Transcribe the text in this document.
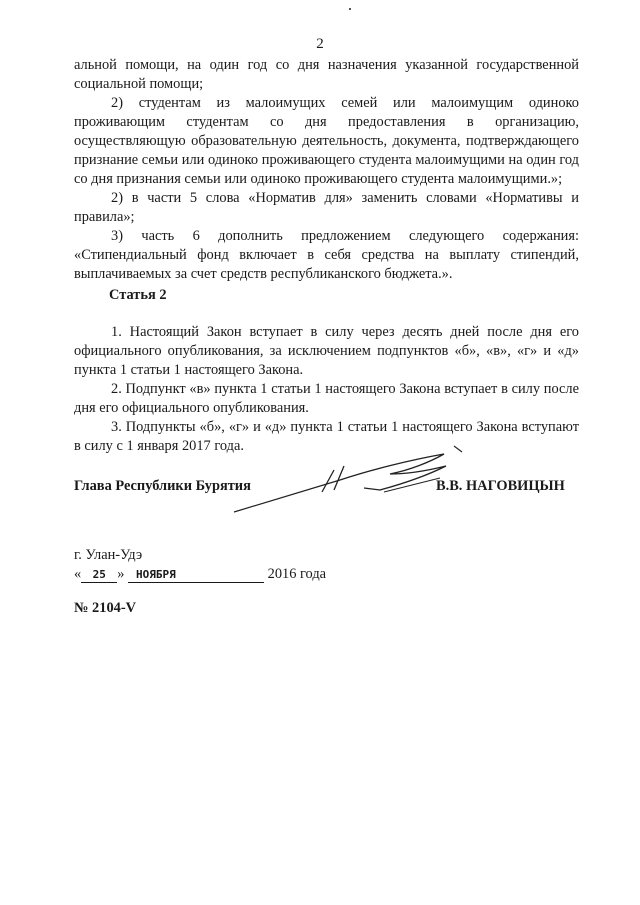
2

альной помощи, на один год со дня назначения указанной государственной социальной помощи;

2) студентам из малоимущих семей или малоимущим одиноко проживающим студентам со дня предоставления в организацию, осуществляющую образовательную деятельность, документа, подтверждающего признание семьи или одиноко проживающего студента малоимущими на один год со дня признания семьи или одиноко проживающего студента малоимущими.»;

2) в части 5 слова «Норматив для» заменить словами «Нормативы и правила»;

3) часть 6 дополнить предложением следующего содержания: «Стипендиальный фонд включает в себя средства на выплату стипендий, выплачиваемых за счет средств республиканского бюджета.».

Статья 2

1. Настоящий Закон вступает в силу через десять дней после дня его официального опубликования, за исключением подпунктов «б», «в», «г» и «д» пункта 1 статьи 1 настоящего Закона.

2. Подпункт «в» пункта 1 статьи 1 настоящего Закона вступает в силу после дня его официального опубликования.

3. Подпункты «б», «г» и «д» пункта 1 статьи 1 настоящего Закона вступают в силу с 1 января 2017 года.

Глава Республики Бурятия	В.В. НАГОВИЦЫН
г. Улан-Удэ
« 25 » НОЯБРЯ	2016 года
№ 2104-V
